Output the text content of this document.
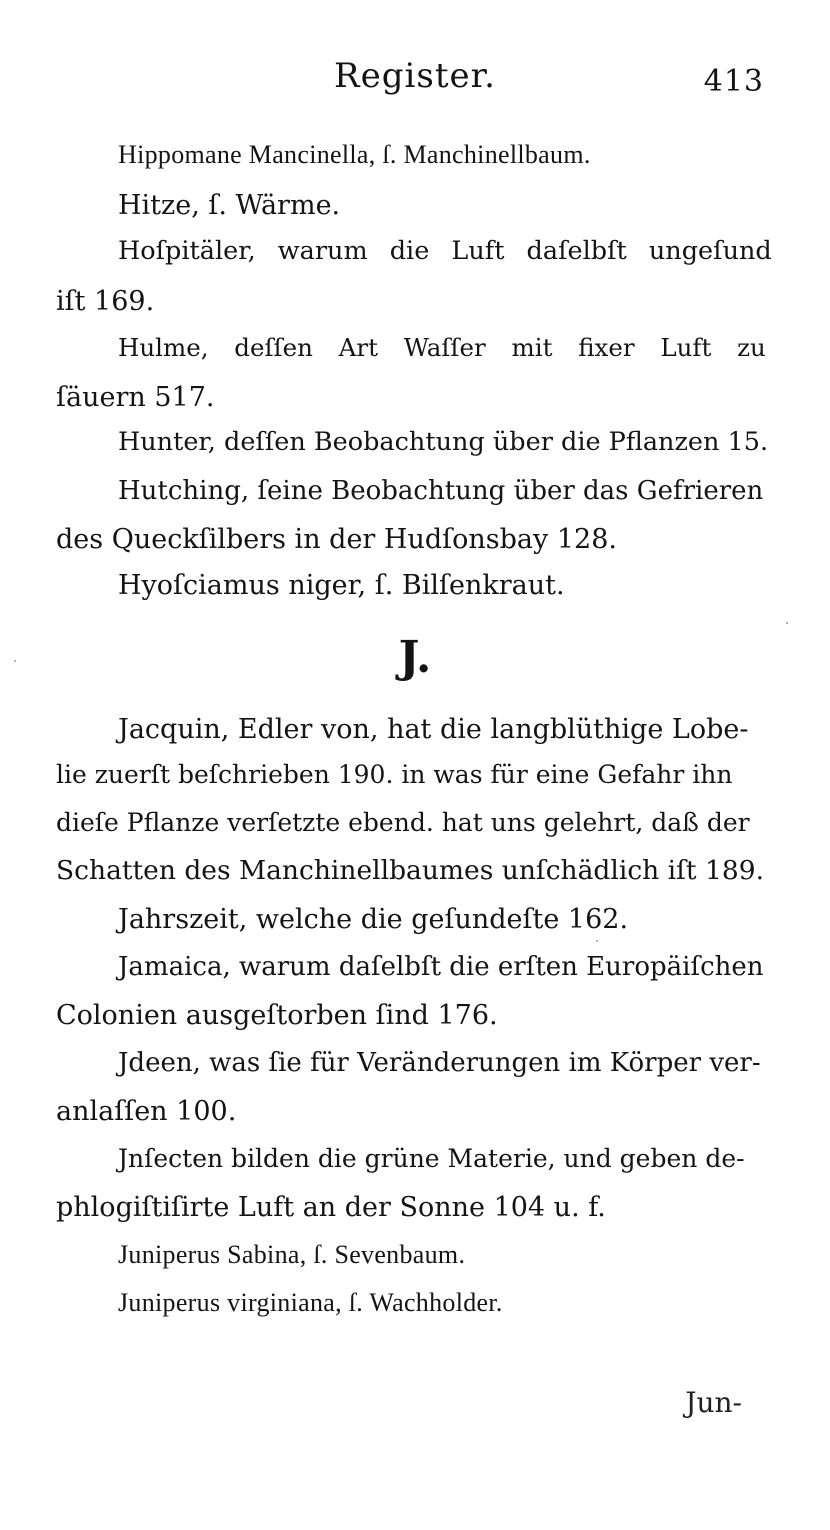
Register.	413
Hippomane Mancinella, ſ. Manchinellbaum.
Hitze, ſ. Wärme.
Hoſpitäler, warum die Luft daſelbſt ungeſund
iſt 169.
Hulme, deſſen Art Waſſer mit fixer Luft zu
ſäuern 517.
Hunter, deſſen Beobachtung über die Pflanzen 15.
Hutching, ſeine Beobachtung über das Gefrieren
des Queckſilbers in der Hudſonsbay 128.
Hyoſciamus niger, ſ. Bilſenkraut.
J.
Jacquin, Edler von, hat die langblüthige Lobe-
lie zuerſt beſchrieben 190. in was für eine Gefahr ihn
dieſe Pflanze verſetzte ebend. hat uns gelehrt, daß der
Schatten des Manchinellbaumes unſchädlich iſt 189.
Jahrszeit, welche die geſundeſte 162.
Jamaica, warum daſelbſt die erſten Europäiſchen
Colonien ausgeſtorben ſind 176.
Jdeen, was ſie für Veränderungen im Körper ver-
anlaſſen 100.
Jnſecten bilden die grüne Materie, und geben de-
phlogiſtiſirte Luft an der Sonne 104 u. f.
Juniperus Sabina, ſ. Sevenbaum.
Juniperus virginiana, ſ. Wachholder.
Jun-
